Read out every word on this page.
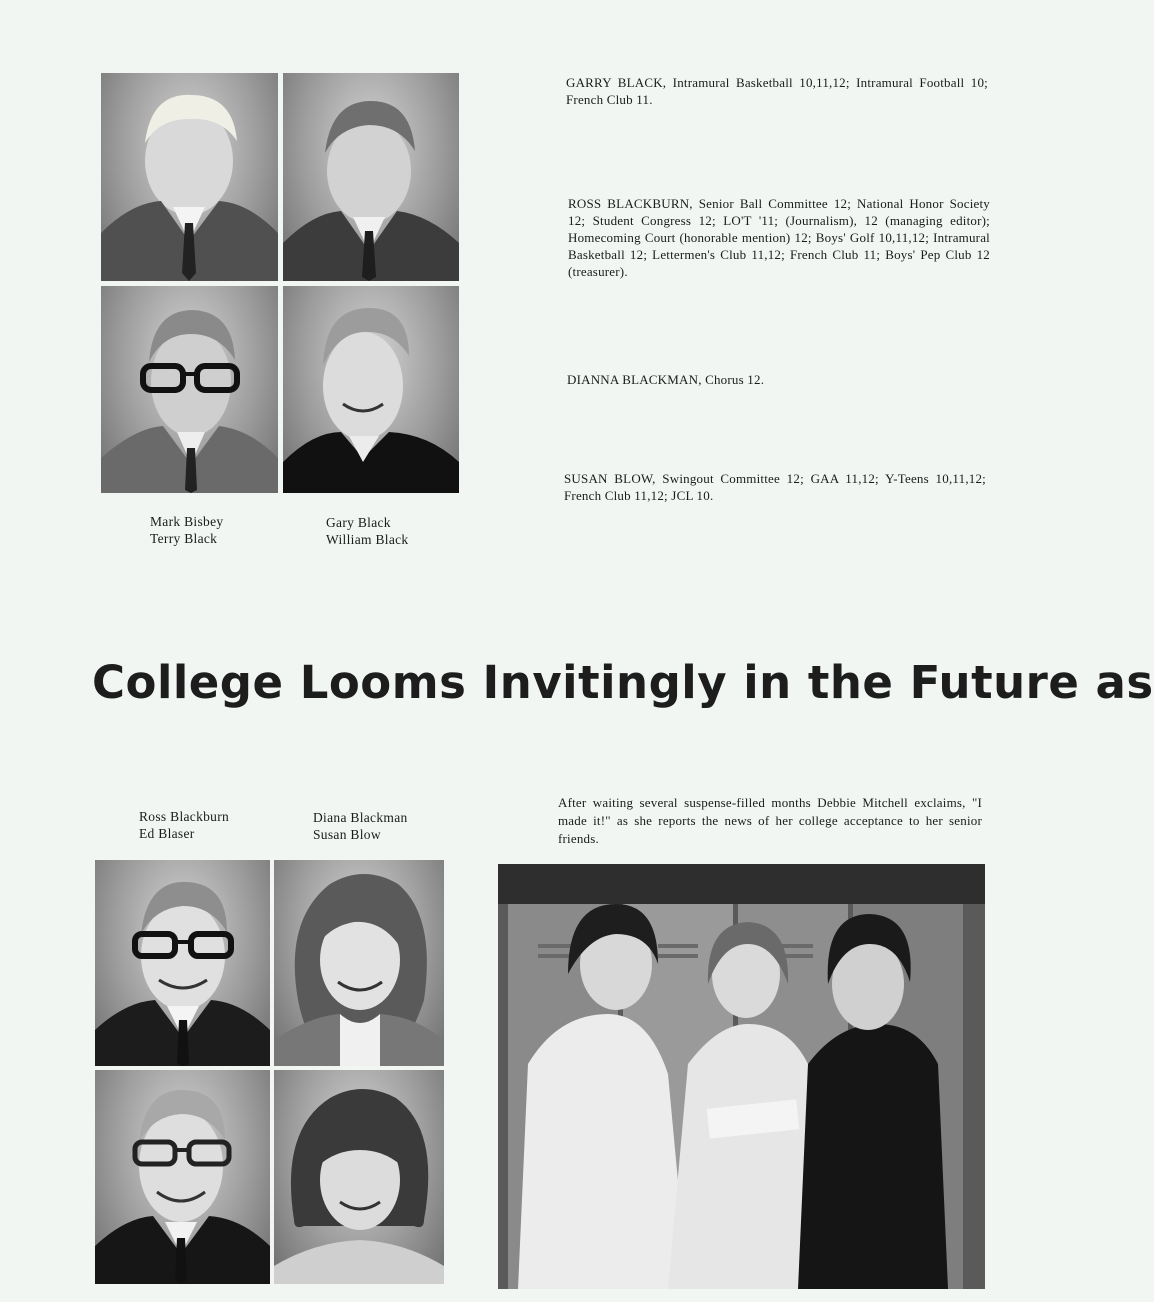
Mark Bisbey
Terry Black
Gary Black
William Black
GARRY BLACK, Intramural Basketball 10,11,12; Intramural Football 10; French Club 11.
ROSS BLACKBURN, Senior Ball Committee 12; National Honor Society 12; Student Congress 12; LO'T '11; (Journalism), 12 (managing editor); Homecoming Court (honorable mention) 12; Boys' Golf 10,11,12; Intramural Basketball 12; Lettermen's Club 11,12; French Club 11; Boys' Pep Club 12 (treasurer).
DIANNA BLACKMAN, Chorus 12.
SUSAN BLOW, Swingout Committee 12; GAA 11,12; Y-Teens 10,11,12; French Club 11,12; JCL 10.
College Looms Invitingly in the Future as
Ross Blackburn
Ed Blaser
Diana Blackman
Susan Blow
After waiting several suspense-filled months Debbie Mitchell exclaims, "I made it!" as she reports the news of her college acceptance to her senior friends.
